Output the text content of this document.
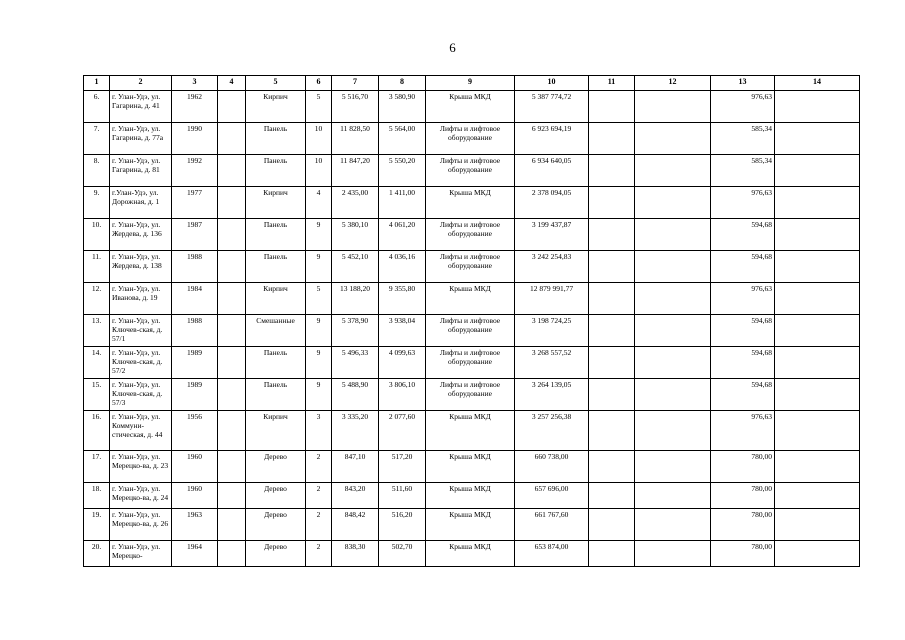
6
1	2	3	4	5	6	7	8	9	10	11	12	13	14
6.	г. Улан-Удэ, ул. Гагарина, д. 41	1962		Кирпич	5	5 516,70	3 580,90	Крыша МКД	5 387 774,72			976,63	
7.	г. Улан-Удэ, ул. Гагарина, д. 77а	1990		Панель	10	11 828,50	5 564,00	Лифты и лифтовое оборудование	6 923 694,19			585,34	
8.	г. Улан-Удэ, ул. Гагарина, д. 81	1992		Панель	10	11 847,20	5 550,20	Лифты и лифтовое оборудование	6 934 640,05			585,34	
9.	г.Улан-Удэ, ул. Дорожная, д. 1	1977		Кирпич	4	2 435,00	1 411,00	Крыша МКД	2 378 094,05			976,63	
10.	г. Улан-Удэ, ул. Жердева, д. 136	1987		Панель	9	5 380,10	4 061,20	Лифты и лифтовое оборудование	3 199 437,87			594,68	
11.	г. Улан-Удэ, ул. Жердева, д. 138	1988		Панель	9	5 452,10	4 036,16	Лифты и лифтовое оборудование	3 242 254,83			594,68	
12.	г. Улан-Удэ, ул. Иванова, д. 19	1984		Кирпич	5	13 188,20	9 355,80	Крыша МКД	12 879 991,77			976,63	
13.	г. Улан-Удэ, ул. Ключев-ская, д. 57/1	1988		Смешанные	9	5 378,90	3 938,04	Лифты и лифтовое оборудование	3 198 724,25			594,68	
14.	г. Улан-Удэ, ул. Ключев-ская, д. 57/2	1989		Панель	9	5 496,33	4 099,63	Лифты и лифтовое оборудование	3 268 557,52			594,68	
15.	г. Улан-Удэ, ул. Ключев-ская, д. 57/3	1989		Панель	9	5 488,90	3 806,10	Лифты и лифтовое оборудование	3 264 139,05			594,68	
16.	г. Улан-Удэ, ул. Коммуни-стическая, д. 44	1956		Кирпич	3	3 335,20	2 077,60	Крыша МКД	3 257 256,38			976,63	
17.	г. Улан-Удэ, ул. Мерецко-ва, д. 23	1960		Дерево	2	847,10	517,20	Крыша МКД	660 738,00			780,00	
18.	г. Улан-Удэ, ул. Мерецко-ва, д. 24	1960		Дерево	2	843,20	511,60	Крыша МКД	657 696,00			780,00	
19.	г. Улан-Удэ, ул. Мерецко-ва, д. 26	1963		Дерево	2	848,42	516,20	Крыша МКД	661 767,60			780,00	
20.	г. Улан-Удэ, ул. Мерецко-	1964		Дерево	2	838,30	502,70	Крыша МКД	653 874,00			780,00	
